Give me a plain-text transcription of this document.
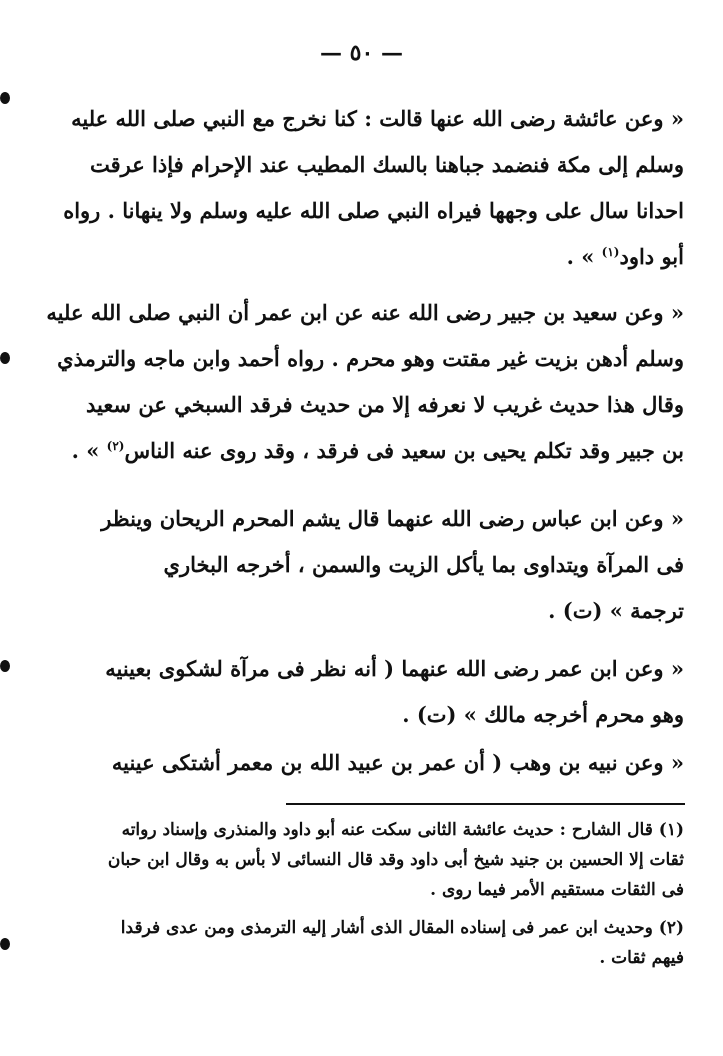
— ٥٠ —
« وعن عائشة رضى الله عنها قالت : كنا نخرج مع النبي صلى الله عليه
وسلم إلى مكة فنضمد جباهنا بالسك المطيب عند الإحرام فإذا عرقت
احدانا سال على وجهها فيراه النبي صلى الله عليه وسلم ولا ينهانا . رواه
أبو داود$^{(١)}$ » .
« وعن سعيد بن جبير رضى الله عنه عن ابن عمر أن النبي صلى الله عليه
وسلم أدهن بزيت غير مقتت وهو محرم . رواه أحمد وابن ماجه والترمذي
وقال هذا حديث غريب لا نعرفه إلا من حديث فرقد السبخي عن سعيد
بن جبير وقد تكلم يحيى بن سعيد فى فرقد ، وقد روى عنه الناس$^{(٢)}$ » .
« وعن ابن عباس رضى الله عنهما قال يشم المحرم الريحان وينظر
فى المرآة ويتداوى بما يأكل الزيت والسمن ، أخرجه البخاري
ترجمة » (ت) .
« وعن ابن عمر رضى الله عنهما ( أنه نظر فى مرآة لشكوى بعينيه
وهو محرم أخرجه مالك » (ت) .
« وعن نبيه بن وهب ( أن عمر بن عبيد الله بن معمر أشتكى عينيه
(١) قال الشارح : حديث عائشة الثانى سكت عنه أبو داود والمنذرى وإسناد رواته
ثقات إلا الحسين بن جنيد شيخ أبى داود وقد قال النسائى لا بأس به وقال ابن حبان
فى الثقات مستقيم الأمر فيما روى .
(٢) وحديث ابن عمر فى إسناده المقال الذى أشار إليه الترمذى ومن عدى فرقدا
فيهم ثقات .
